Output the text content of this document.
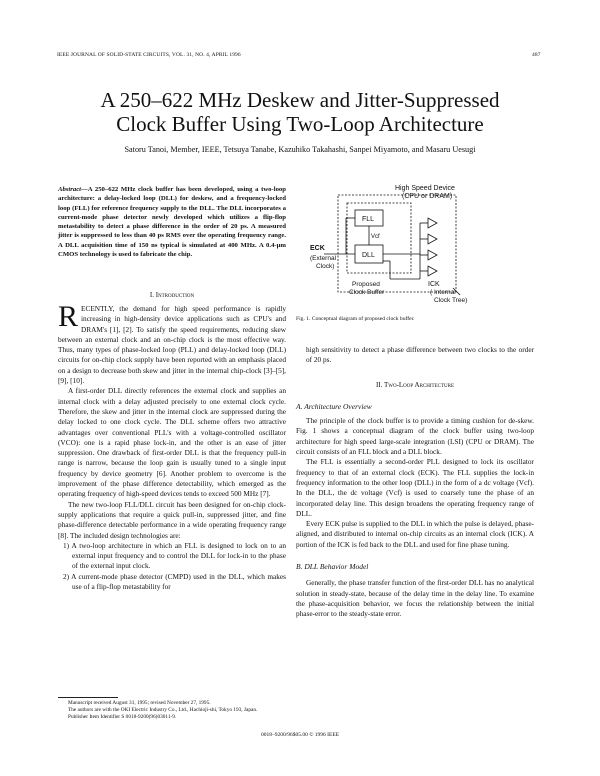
IEEE JOURNAL OF SOLID-STATE CIRCUITS, VOL. 31, NO. 4, APRIL 1996	487
A 250–622 MHz Deskew and Jitter-Suppressed
Clock Buffer Using Two-Loop Architecture
Satoru Tanoi, Member, IEEE, Tetsuya Tanabe, Kazuhiko Takahashi, Sanpei Miyamoto, and Masaru Uesugi
Abstract—A 250–622 MHz clock buffer has been developed, using a two-loop architecture: a delay-locked loop (DLL) for deskew, and a frequency-locked loop (FLL) for reference frequency supply to the DLL. The DLL incorporates a current-mode phase detector newly developed which utilizes a flip-flop metastability to detect a phase difference in the order of 20 ps. A measured jitter is suppressed to less than 40 ps RMS over the operating frequency range. A DLL acquisition time of 150 ns typical is simulated at 400 MHz. A 0.4-μm CMOS technology is used to fabricate the chip.
I. Introduction

RECENTLY, the demand for high speed performance is rapidly increasing in high-density device applications such as CPU's and DRAM's [1], [2]. To satisfy the speed requirements, reducing skew between an external clock and an on-chip clock is the most effective way. Thus, many types of phase-locked loop (PLL) and delay-locked loop (DLL) circuits for on-chip clock supply have been reported with an emphasis placed on a design to decrease both skew and jitter in the internal chip-clock [3]–[5], [9], [10].

A first-order DLL directly references the external clock and supplies an internal clock with a delay adjusted precisely to one external clock cycle. Therefore, the skew and jitter in the internal clock are suppressed during the delay locked to one clock cycle. The DLL scheme offers two attractive advantages over conventional PLL's with a voltage-controlled oscillator (VCO): one is a rapid phase lock-in, and the other is an ease of jitter suppression. One drawback of first-order DLL is that the frequency pull-in range is narrow, because the loop gain is usually tuned to a single input frequency by device geometry [6]. Another problem to overcome is the improvement of the phase difference detectability, which emerged as the operating frequency of high-speed devices tends to exceed 500 MHz [7].

The new two-loop FLL/DLL circuit has been designed for on-chip clock-supply applications that require a quick pull-in, suppressed jitter, and fine phase-difference detectable performance in a wide operating frequency range [8]. The included design technologies are:

1) A two-loop architecture in which an FLL is designed to lock on to an external input frequency and to control the DLL for lock-in to the phase of the external input clock.

2) A current-mode phase detector (CMPD) used in the DLL, which makes use of a flip-flop metastability for

Manuscript received August 31, 1995; revised November 27, 1995.
The authors are with the OKI Electric Industry Co., Ltd., Hachioji-shi, Tokyo 193, Japan.
Publisher Item Identifier S 0018-9200(96)03011-9.
High Speed Device
(CPU or DRAM)
FLL
Vcf
DLL
ECK
(External
Clock)
Proposed
Clock Buffer
ICK
( Internal
Clock Tree)
Fig. 1. Conceptual diagram of proposed clock buffer.

high sensitivity to detect a phase difference between two clocks to the order of 20 ps.

II. Two-Loop Architecture
A. Architecture Overview

The principle of the clock buffer is to provide a timing cushion for de-skew. Fig. 1 shows a conceptual diagram of the clock buffer using two-loop architecture for high speed large-scale integration (LSI) (CPU or DRAM). The circuit consists of an FLL block and a DLL block.

The FLL is essentially a second-order PLL designed to lock its oscillator frequency to that of an external clock (ECK). The FLL supplies the lock-in frequency information to the other loop (DLL) in the form of a dc voltage (Vcf). In the DLL, the dc voltage (Vcf) is used to coarsely tune the phase of an incorporated delay line. This design broadens the operating frequency range of DLL.

Every ECK pulse is supplied to the DLL in which the pulse is delayed, phase-aligned, and distributed to internal on-chip circuits as an internal clock (ICK). A portion of the ICK is fed back to the DLL and used for fine phase tuning.

B. DLL Behavior Model

Generally, the phase transfer function of the first-order DLL has no analytical solution in steady-state, because of the delay time in the delay line. To examine the phase-acquisition behavior, we focus the relationship between the initial phase-error to the steady-state error.

0018–9200/96$05.00 © 1996 IEEE
